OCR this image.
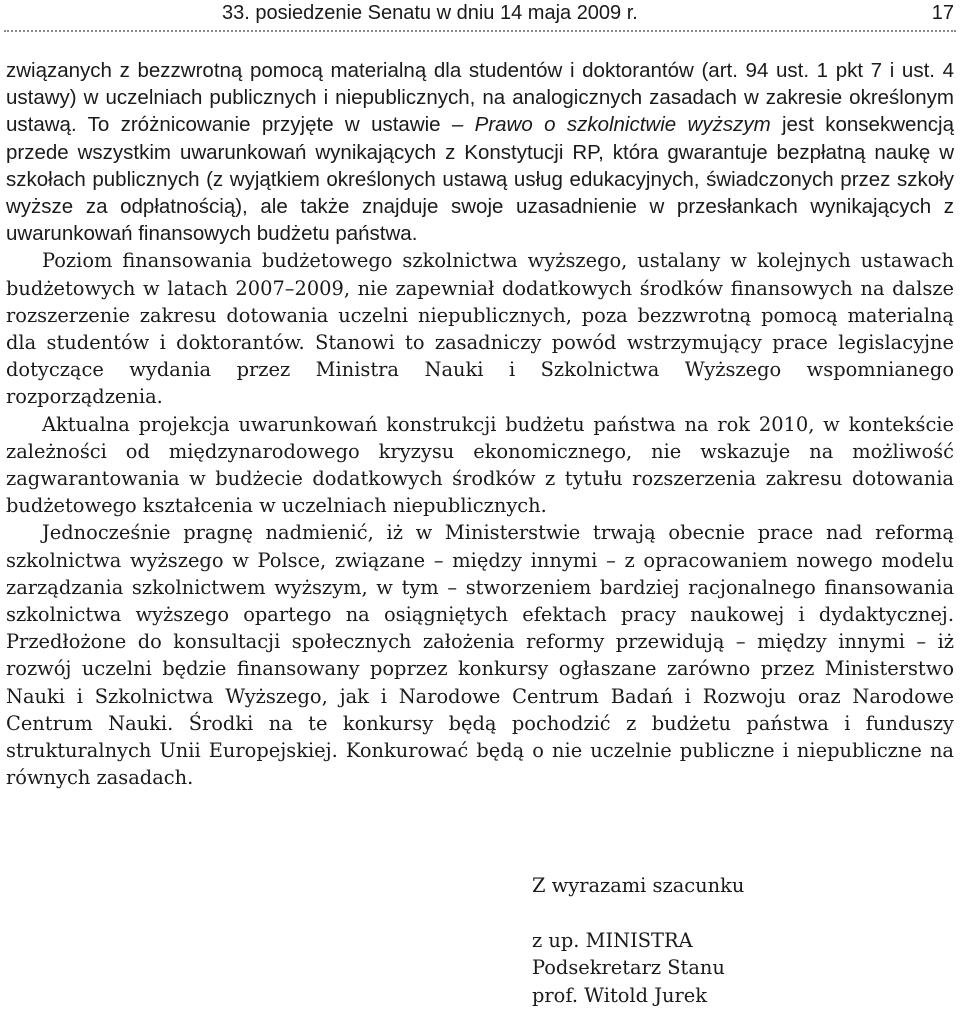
33. posiedzenie Senatu w dniu 14 maja 2009 r.	17

związanych z bezzwrotną pomocą materialną dla studentów i doktorantów (art. 94 ust. 1 pkt 7 i ust. 4 ustawy) w uczelniach publicznych i niepublicznych, na analogicznych zasadach w zakresie określonym ustawą. To zróżnicowanie przyjęte w ustawie – Prawo o szkolnictwie wyższym jest konsekwencją przede wszystkim uwarunkowań wynikających z Konstytucji RP, która gwarantuje bezpłatną naukę w szkołach publicznych (z wyjątkiem określonych ustawą usług edukacyjnych, świadczonych przez szkoły wyższe za odpłatnością), ale także znajduje swoje uzasadnienie w przesłankach wynikających z uwarunkowań finansowych budżetu państwa.

Poziom finansowania budżetowego szkolnictwa wyższego, ustalany w kolejnych ustawach budżetowych w latach 2007–2009, nie zapewniał dodatkowych środków finansowych na dalsze rozszerzenie zakresu dotowania uczelni niepublicznych, poza bezzwrotną pomocą materialną dla studentów i doktorantów. Stanowi to zasadniczy powód wstrzymujący prace legislacyjne dotyczące wydania przez Ministra Nauki i Szkolnictwa Wyższego wspomnianego rozporządzenia.

Aktualna projekcja uwarunkowań konstrukcji budżetu państwa na rok 2010, w kontekście zależności od międzynarodowego kryzysu ekonomicznego, nie wskazuje na możliwość zagwarantowania w budżecie dodatkowych środków z tytułu rozszerzenia zakresu dotowania budżetowego kształcenia w uczelniach niepublicznych.

Jednocześnie pragnę nadmienić, iż w Ministerstwie trwają obecnie prace nad reformą szkolnictwa wyższego w Polsce, związane – między innymi – z opracowaniem nowego modelu zarządzania szkolnictwem wyższym, w tym – stworzeniem bardziej racjonalnego finansowania szkolnictwa wyższego opartego na osiągniętych efektach pracy naukowej i dydaktycznej. Przedłożone do konsultacji społecznych założenia reformy przewidują – między innymi – iż rozwój uczelni będzie finansowany poprzez konkursy ogłaszane zarówno przez Ministerstwo Nauki i Szkolnictwa Wyższego, jak i Narodowe Centrum Badań i Rozwoju oraz Narodowe Centrum Nauki. Środki na te konkursy będą pochodzić z budżetu państwa i funduszy strukturalnych Unii Europejskiej. Konkurować będą o nie uczelnie publiczne i niepubliczne na równych zasadach.

Z wyrazami szacunku
z up. MINISTRA
Podsekretarz Stanu
prof. Witold Jurek
